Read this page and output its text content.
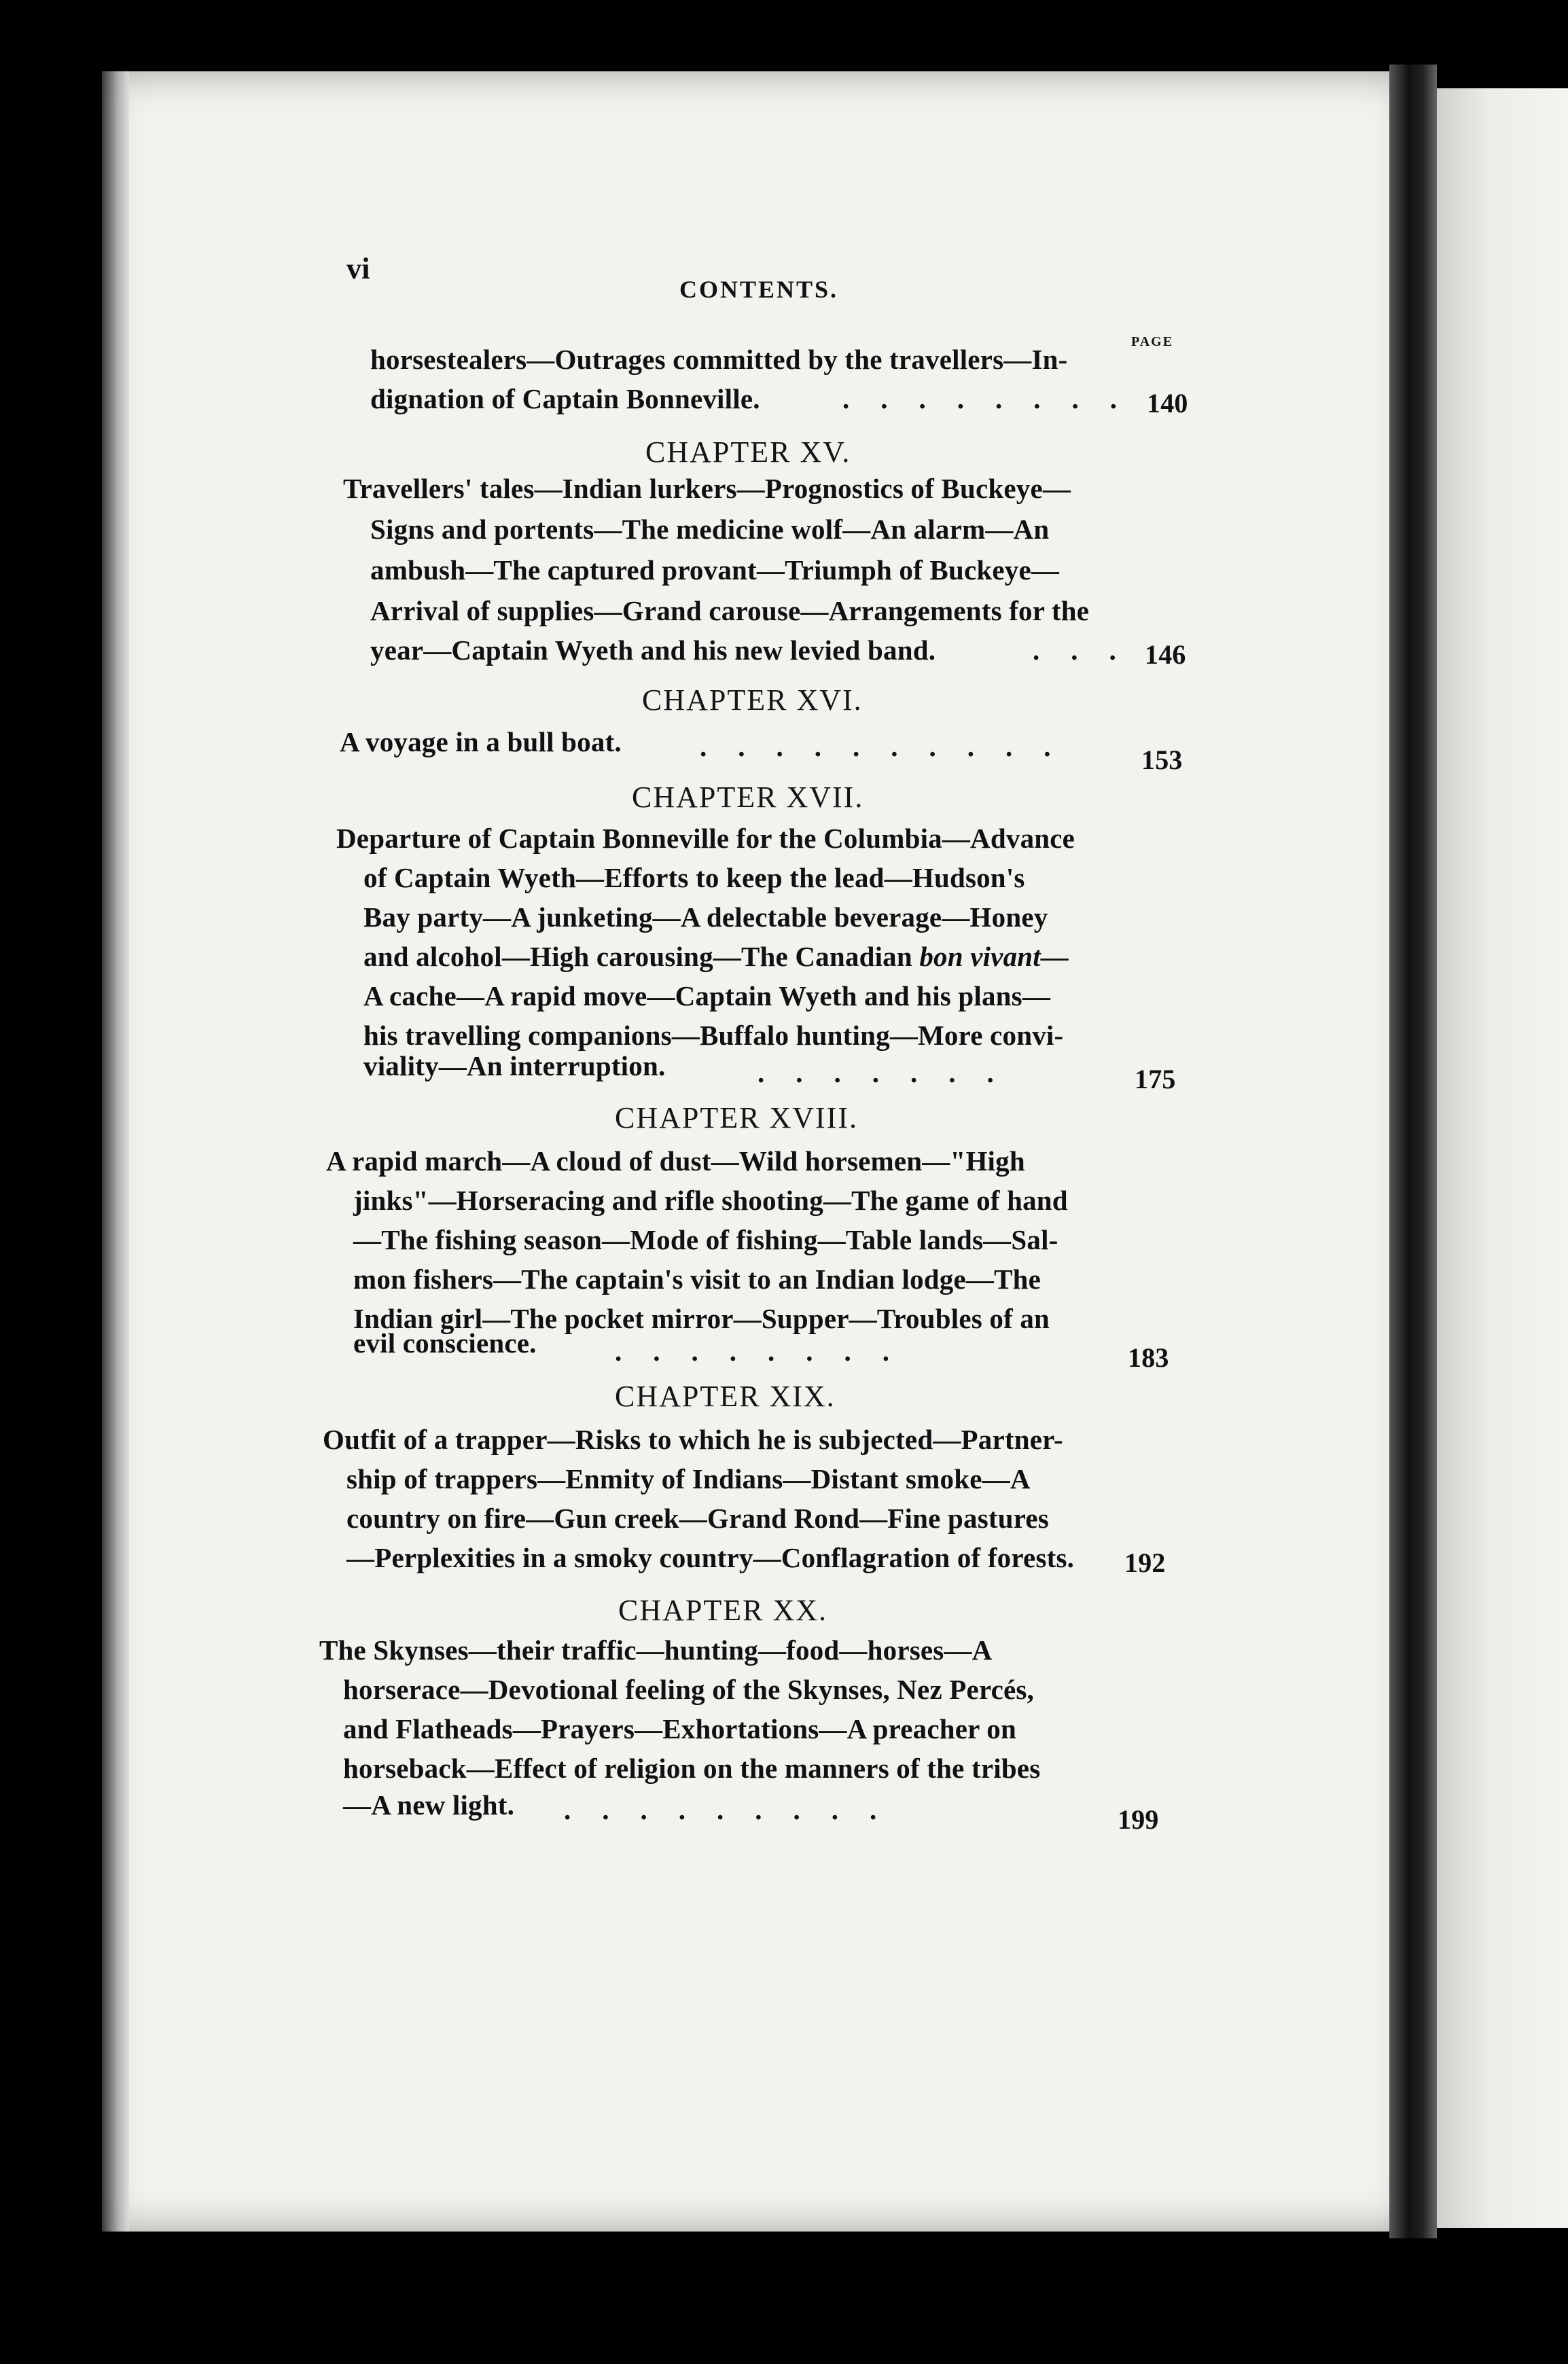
vi
CONTENTS.
PAGE
horsestealers—Outrages committed by the travellers—In-
dignation of Captain Bonneville.	........
140
CHAPTER XV.
Travellers' tales—Indian lurkers—Prognostics of Buckeye—
Signs and portents—The medicine wolf—An alarm—An
ambush—The captured provant—Triumph of Buckeye—
Arrival of supplies—Grand carouse—Arrangements for the
year—Captain Wyeth and his new levied band.	...
146
CHAPTER XVI.
A voyage in a bull boat.	.......... 153
CHAPTER XVII.
Departure of Captain Bonneville for the Columbia—Advance
of Captain Wyeth—Efforts to keep the lead—Hudson's
Bay party—A junketing—A delectable beverage—Honey
and alcohol—High carousing—The Canadian bon vivant—
A cache—A rapid move—Captain Wyeth and his plans—
his travelling companions—Buffalo hunting—More convi-
viality—An interruption.	.......	175
CHAPTER XVIII.
A rapid march—A cloud of dust—Wild horsemen—"High
jinks"—Horseracing and rifle shooting—The game of hand
—The fishing season—Mode of fishing—Table lands—Sal-
mon fishers—The captain's visit to an Indian lodge—The
Indian girl—The pocket mirror—Supper—Troubles of an
evil conscience.	........	183
CHAPTER XIX.
Outfit of a trapper—Risks to which he is subjected—Partner-
ship of trappers—Enmity of Indians—Distant smoke—A
country on fire—Gun creek—Grand Rond—Fine pastures
—Perplexities in a smoky country—Conflagration of forests. 192
CHAPTER XX.
The Skynses—their traffic—hunting—food—horses—A
horserace—Devotional feeling of the Skynses, Nez Percés,
and Flatheads—Prayers—Exhortations—A preacher on
horseback—Effect of religion on the manners of the tribes
—A new light. .........	199
